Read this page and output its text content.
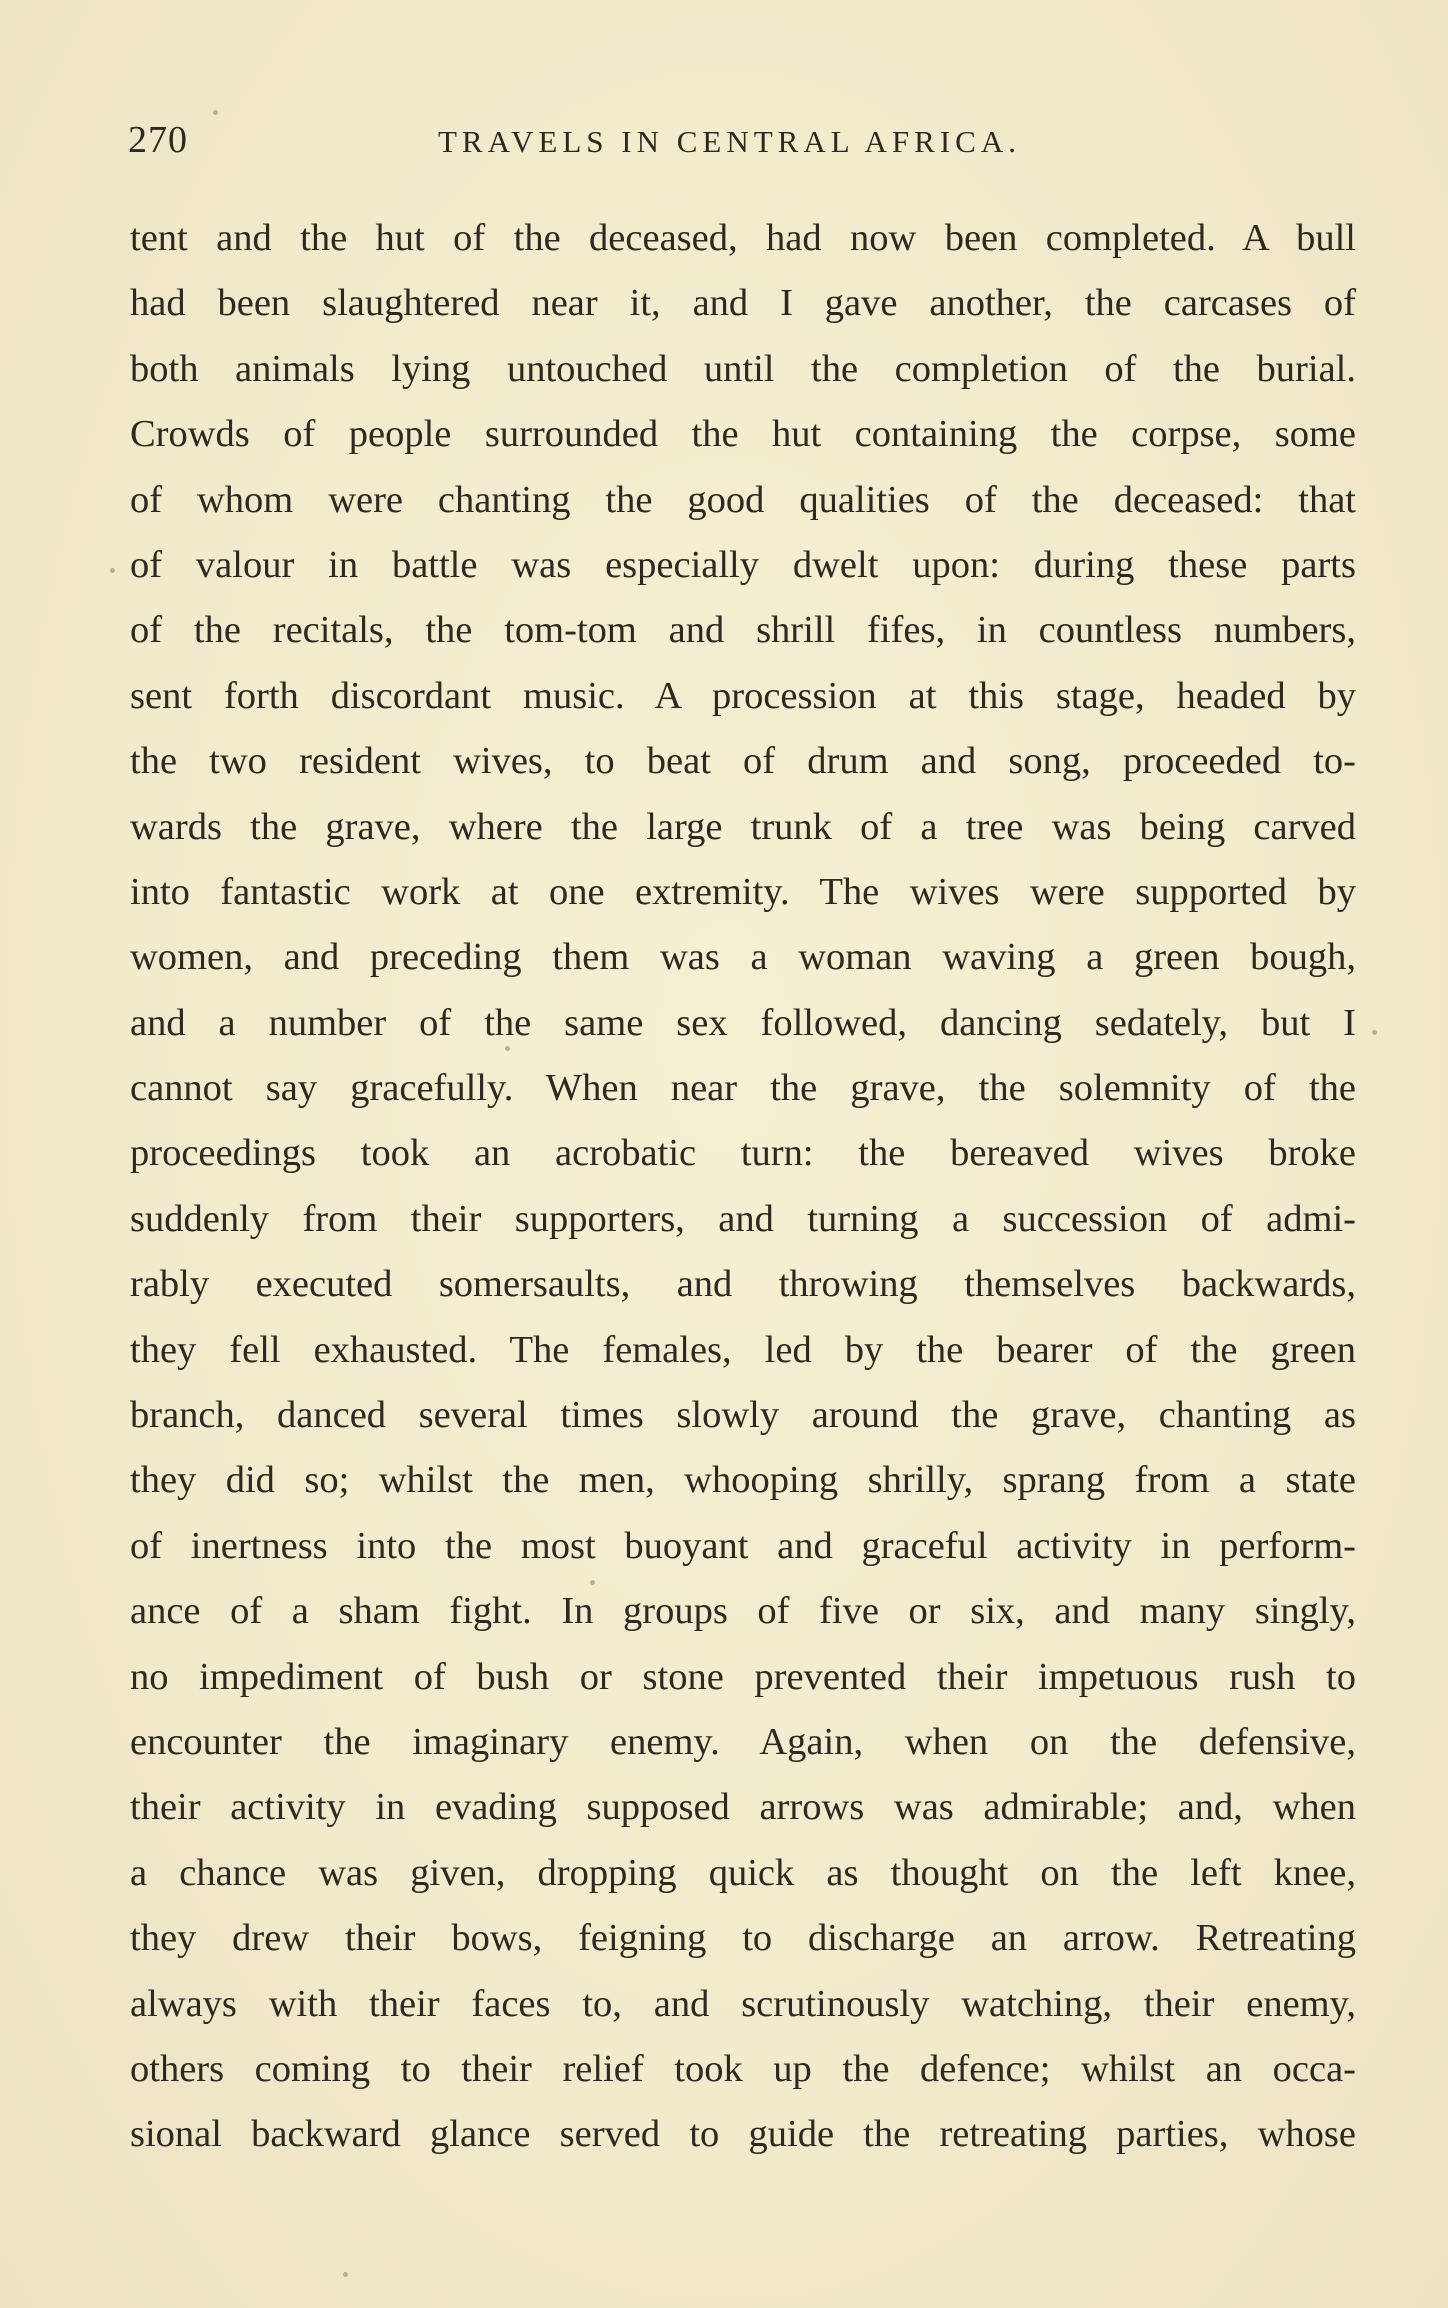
270	TRAVELS IN CENTRAL AFRICA.
tent and the hut of the deceased, had now been completed. A bull
had been slaughtered near it, and I gave another, the carcases of
both animals lying untouched until the completion of the burial.
Crowds of people surrounded the hut containing the corpse, some
of whom were chanting the good qualities of the deceased: that
of valour in battle was especially dwelt upon: during these parts
of the recitals, the tom-tom and shrill fifes, in countless numbers,
sent forth discordant music. A procession at this stage, headed by
the two resident wives, to beat of drum and song, proceeded to-
wards the grave, where the large trunk of a tree was being carved
into fantastic work at one extremity. The wives were supported by
women, and preceding them was a woman waving a green bough,
and a number of the same sex followed, dancing sedately, but I
cannot say gracefully. When near the grave, the solemnity of the
proceedings took an acrobatic turn: the bereaved wives broke
suddenly from their supporters, and turning a succession of admi-
rably executed somersaults, and throwing themselves backwards,
they fell exhausted. The females, led by the bearer of the green
branch, danced several times slowly around the grave, chanting as
they did so; whilst the men, whooping shrilly, sprang from a state
of inertness into the most buoyant and graceful activity in perform-
ance of a sham fight. In groups of five or six, and many singly,
no impediment of bush or stone prevented their impetuous rush to
encounter the imaginary enemy. Again, when on the defensive,
their activity in evading supposed arrows was admirable; and, when
a chance was given, dropping quick as thought on the left knee,
they drew their bows, feigning to discharge an arrow. Retreating
always with their faces to, and scrutinously watching, their enemy,
others coming to their relief took up the defence; whilst an occa-
sional backward glance served to guide the retreating parties, whose
